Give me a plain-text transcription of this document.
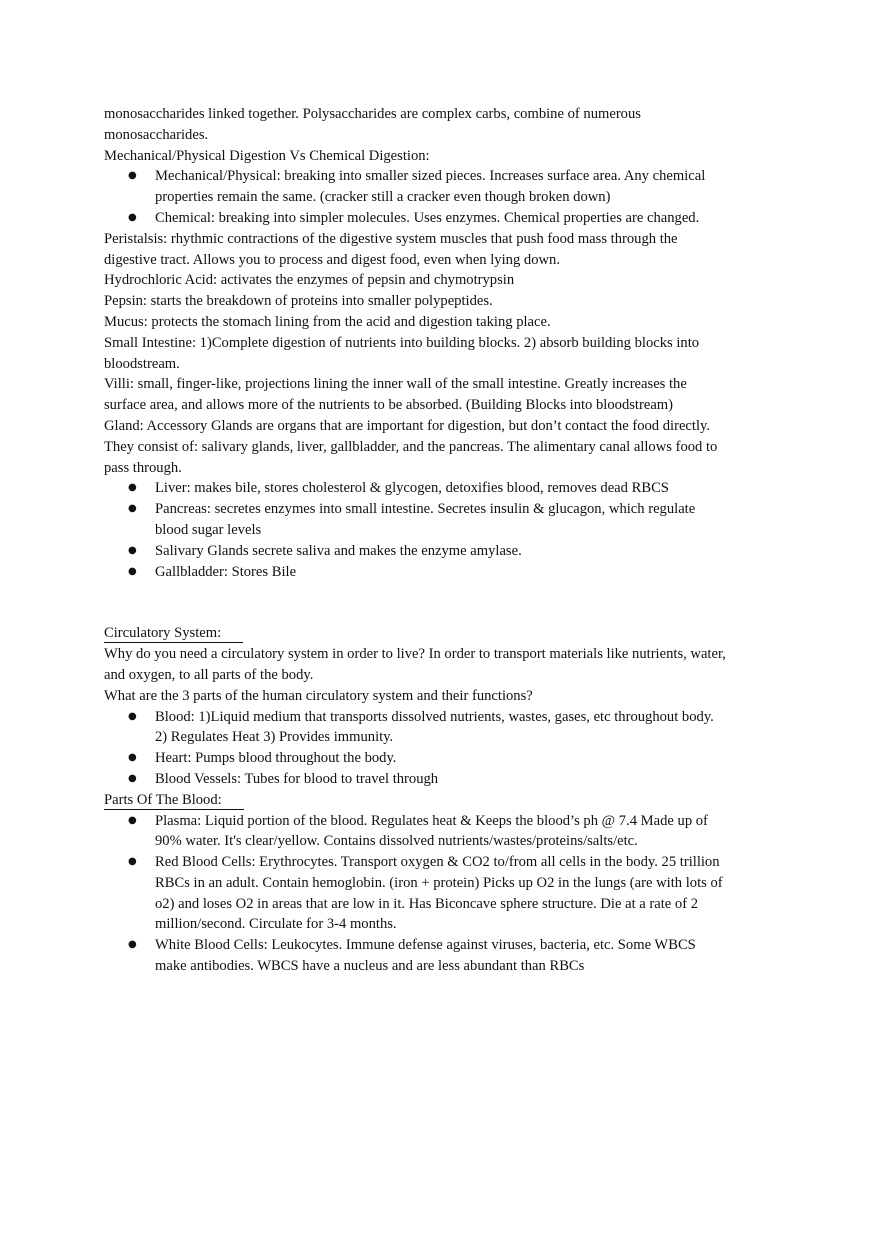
monosaccharides linked together. Polysaccharides are complex carbs, combine of numerous monosaccharides.

Mechanical/Physical Digestion Vs Chemical Digestion:

● Mechanical/Physical: breaking into smaller sized pieces. Increases surface area. Any chemical properties remain the same. (cracker still a cracker even though broken down)
● Chemical: breaking into simpler molecules. Uses enzymes. Chemical properties are changed.

Peristalsis: rhythmic contractions of the digestive system muscles that push food mass through the digestive tract. Allows you to process and digest food, even when lying down.

Hydrochloric Acid: activates the enzymes of pepsin and chymotrypsin

Pepsin: starts the breakdown of proteins into smaller polypeptides.

Mucus: protects the stomach lining from the acid and digestion taking place.

Small Intestine: 1)Complete digestion of nutrients into building blocks. 2) absorb building blocks into bloodstream.

Villi: small, finger-like, projections lining the inner wall of the small intestine. Greatly increases the surface area, and allows more of the nutrients to be absorbed. (Building Blocks into bloodstream)

Gland: Accessory Glands are organs that are important for digestion, but don’t contact the food directly. They consist of: salivary glands, liver, gallbladder, and the pancreas. The alimentary canal allows food to pass through.

● Liver: makes bile, stores cholesterol & glycogen, detoxifies blood, removes dead RBCS
● Pancreas: secretes enzymes into small intestine. Secretes insulin & glucagon, which regulate blood sugar levels
● Salivary Glands secrete saliva and makes the enzyme amylase.
● Gallbladder: Stores Bile

Circulatory System:

Why do you need a circulatory system in order to live? In order to transport materials like nutrients, water, and oxygen, to all parts of the body.

What are the 3 parts of the human circulatory system and their functions?

● Blood: 1)Liquid medium that transports dissolved nutrients, wastes, gases, etc throughout body. 2) Regulates Heat 3) Provides immunity.
● Heart: Pumps blood throughout the body.
● Blood Vessels: Tubes for blood to travel through

Parts Of The Blood:

● Plasma: Liquid portion of the blood. Regulates heat & Keeps the blood’s ph @ 7.4 Made up of 90% water. It's clear/yellow. Contains dissolved nutrients/wastes/proteins/salts/etc.
● Red Blood Cells: Erythrocytes. Transport oxygen & CO2 to/from all cells in the body. 25 trillion RBCs in an adult. Contain hemoglobin. (iron + protein) Picks up O2 in the lungs (are with lots of o2) and loses O2 in areas that are low in it. Has Biconcave sphere structure. Die at a rate of 2 million/second. Circulate for 3-4 months.
● White Blood Cells: Leukocytes. Immune defense against viruses, bacteria, etc. Some WBCS make antibodies. WBCS have a nucleus and are less abundant than RBCs
